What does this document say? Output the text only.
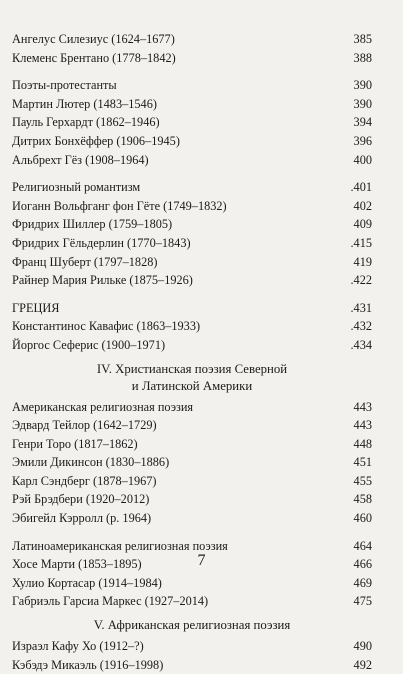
Ангелус Силезиус (1624–1677)	385
Клеменс Брентано (1778–1842)	388
Поэты-протестанты	390
Мартин Лютер (1483–1546)	390
Пауль Герхардт (1862–1946)	394
Дитрих Бонхёффер (1906–1945)	396
Альбрехт Гёз (1908–1964)	400
Религиозный романтизм	.401
Иоганн Вольфганг фон Гёте (1749–1832)	402
Фридрих Шиллер (1759–1805)	409
Фридрих Гёльдерлин (1770–1843)	.415
Франц Шуберт (1797–1828)	419
Райнер Мария Рильке (1875–1926)	.422
ГРЕЦИЯ	.431
Константинос Кавафис (1863–1933)	.432
Йоргос Сеферис (1900–1971)	.434
IV. Христианская поэзия Северной
и Латинской Америки
Американская религиозная поэзия	443
Эдвард Тейлор (1642–1729)	443
Генри Торо (1817–1862)	448
Эмили Дикинсон (1830–1886)	451
Карл Сэндберг (1878–1967)	455
Рэй Брэдбери (1920–2012)	458
Эбигейл Кэрролл (р. 1964)	460
Латиноамериканская религиозная поэзия	464
Хосе Марти (1853–1895)	466
Хулио Кортасар (1914–1984)	469
Габриэль Гарсиа Маркес (1927–2014)	475
V. Африканская религиозная поэзия
Израэл Кафу Хо (1912–?)	490
Кэбэдэ Микаэль (1916–1998)	492
7
